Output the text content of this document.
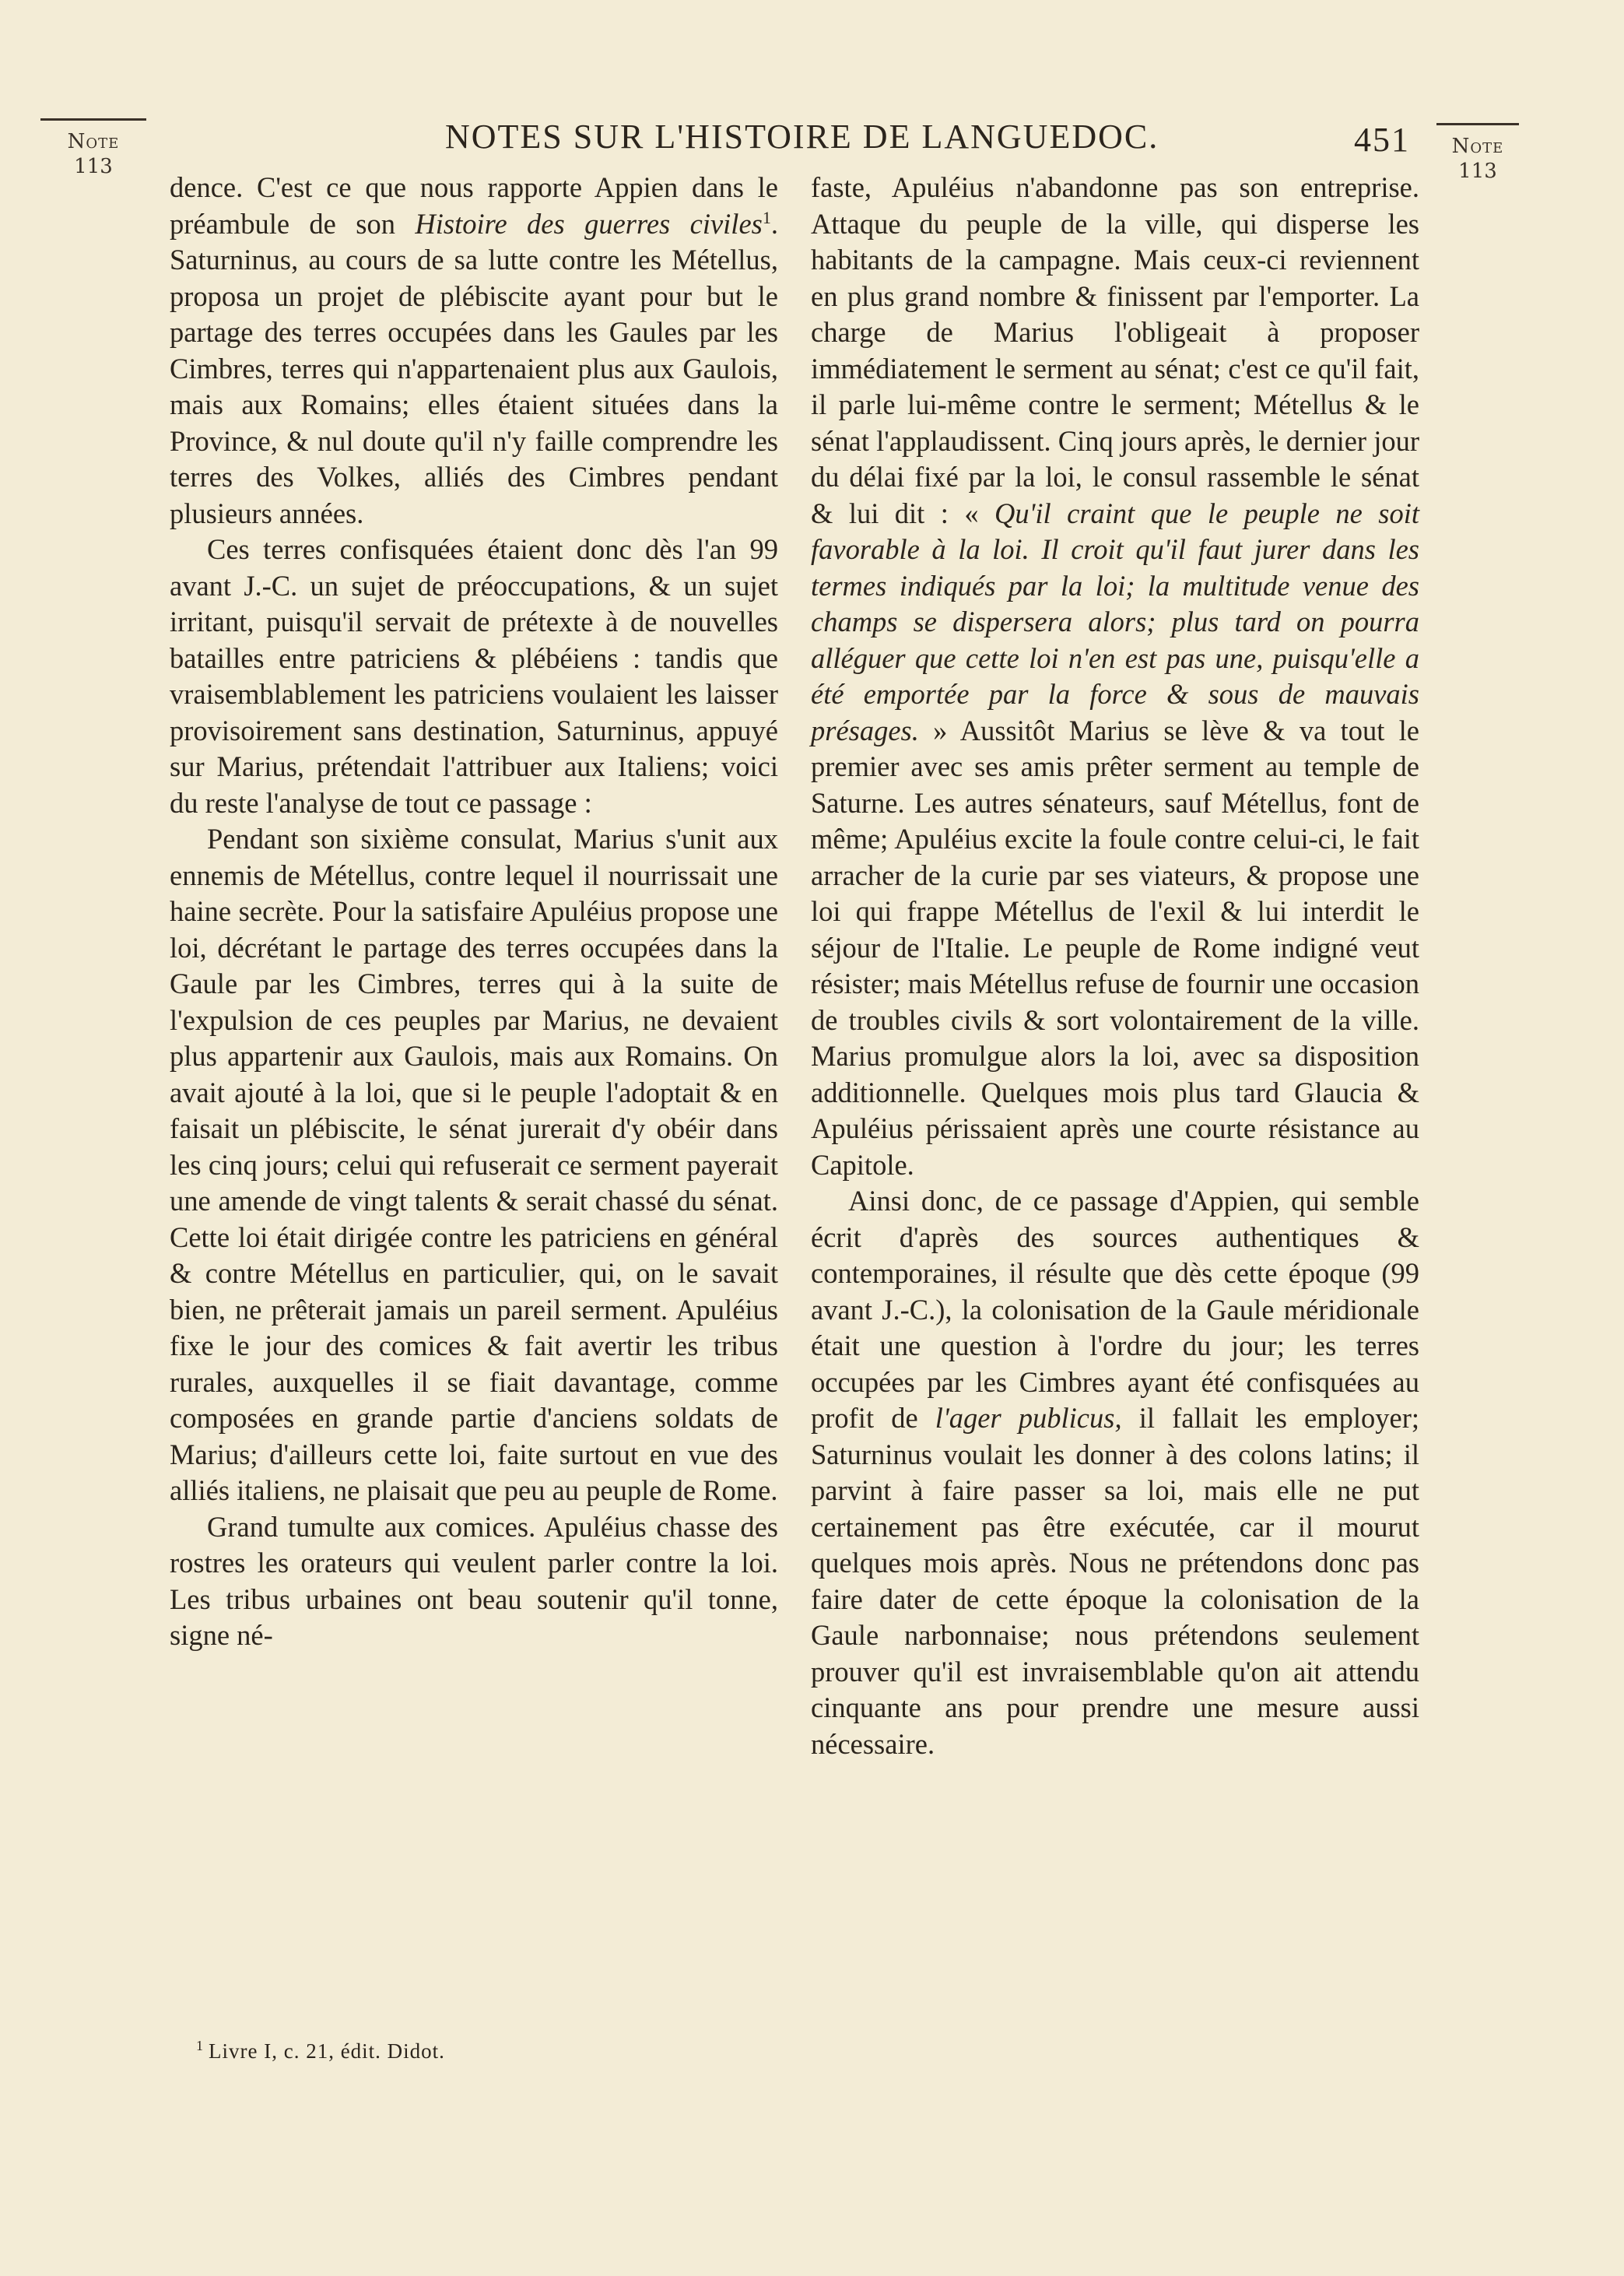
Note
113
Note
113
NOTES SUR L'HISTOIRE DE LANGUEDOC.	451

dence. C'est ce que nous rapporte Appien dans le préambule de son Histoire des guerres civiles$^1$. Saturninus, au cours de sa lutte contre les Métellus, proposa un projet de plébiscite ayant pour but le partage des terres occupées dans les Gaules par les Cimbres, terres qui n'appartenaient plus aux Gaulois, mais aux Romains; elles étaient situées dans la Province, & nul doute qu'il n'y faille comprendre les terres des Volkes, alliés des Cimbres pendant plusieurs années.

Ces terres confisquées étaient donc dès l'an 99 avant J.-C. un sujet de préoccupations, & un sujet irritant, puisqu'il servait de prétexte à de nouvelles batailles entre patriciens & plébéiens : tandis que vraisemblablement les patriciens voulaient les laisser provisoirement sans destination, Saturninus, appuyé sur Marius, prétendait l'attribuer aux Italiens; voici du reste l'analyse de tout ce passage :

Pendant son sixième consulat, Marius s'unit aux ennemis de Métellus, contre lequel il nourrissait une haine secrète. Pour la satisfaire Apuléius propose une loi, décrétant le partage des terres occupées dans la Gaule par les Cimbres, terres qui à la suite de l'expulsion de ces peuples par Marius, ne devaient plus appartenir aux Gaulois, mais aux Romains. On avait ajouté à la loi, que si le peuple l'adoptait & en faisait un plébiscite, le sénat jurerait d'y obéir dans les cinq jours; celui qui refuserait ce serment payerait une amende de vingt talents & serait chassé du sénat. Cette loi était dirigée contre les patriciens en général & contre Métellus en particulier, qui, on le savait bien, ne prêterait jamais un pareil serment. Apuléius fixe le jour des comices & fait avertir les tribus rurales, auxquelles il se fiait davantage, comme composées en grande partie d'anciens soldats de Marius; d'ailleurs cette loi, faite surtout en vue des alliés italiens, ne plaisait que peu au peuple de Rome.

Grand tumulte aux comices. Apuléius chasse des rostres les orateurs qui veulent parler contre la loi. Les tribus urbaines ont beau soutenir qu'il tonne, signe né-

faste, Apuléius n'abandonne pas son entreprise. Attaque du peuple de la ville, qui disperse les habitants de la campagne. Mais ceux-ci reviennent en plus grand nombre & finissent par l'emporter. La charge de Marius l'obligeait à proposer immédiatement le serment au sénat; c'est ce qu'il fait, il parle lui-même contre le serment; Métellus & le sénat l'applaudissent. Cinq jours après, le dernier jour du délai fixé par la loi, le consul rassemble le sénat & lui dit : « Qu'il craint que le peuple ne soit favorable à la loi. Il croit qu'il faut jurer dans les termes indiqués par la loi; la multitude venue des champs se dispersera alors; plus tard on pourra alléguer que cette loi n'en est pas une, puisqu'elle a été emportée par la force & sous de mauvais présages. » Aussitôt Marius se lève & va tout le premier avec ses amis prêter serment au temple de Saturne. Les autres sénateurs, sauf Métellus, font de même; Apuléius excite la foule contre celui-ci, le fait arracher de la curie par ses viateurs, & propose une loi qui frappe Métellus de l'exil & lui interdit le séjour de l'Italie. Le peuple de Rome indigné veut résister; mais Métellus refuse de fournir une occasion de troubles civils & sort volontairement de la ville. Marius promulgue alors la loi, avec sa disposition additionnelle. Quelques mois plus tard Glaucia & Apuléius périssaient après une courte résistance au Capitole.

Ainsi donc, de ce passage d'Appien, qui semble écrit d'après des sources authentiques & contemporaines, il résulte que dès cette époque (99 avant J.-C.), la colonisation de la Gaule méridionale était une question à l'ordre du jour; les terres occupées par les Cimbres ayant été confisquées au profit de l'ager publicus, il fallait les employer; Saturninus voulait les donner à des colons latins; il parvint à faire passer sa loi, mais elle ne put certainement pas être exécutée, car il mourut quelques mois après. Nous ne prétendons donc pas faire dater de cette époque la colonisation de la Gaule narbonnaise; nous prétendons seulement prouver qu'il est invraisemblable qu'on ait attendu cinquante ans pour prendre une mesure aussi nécessaire.

$^1$ Livre I, c. 21, édit. Didot.
